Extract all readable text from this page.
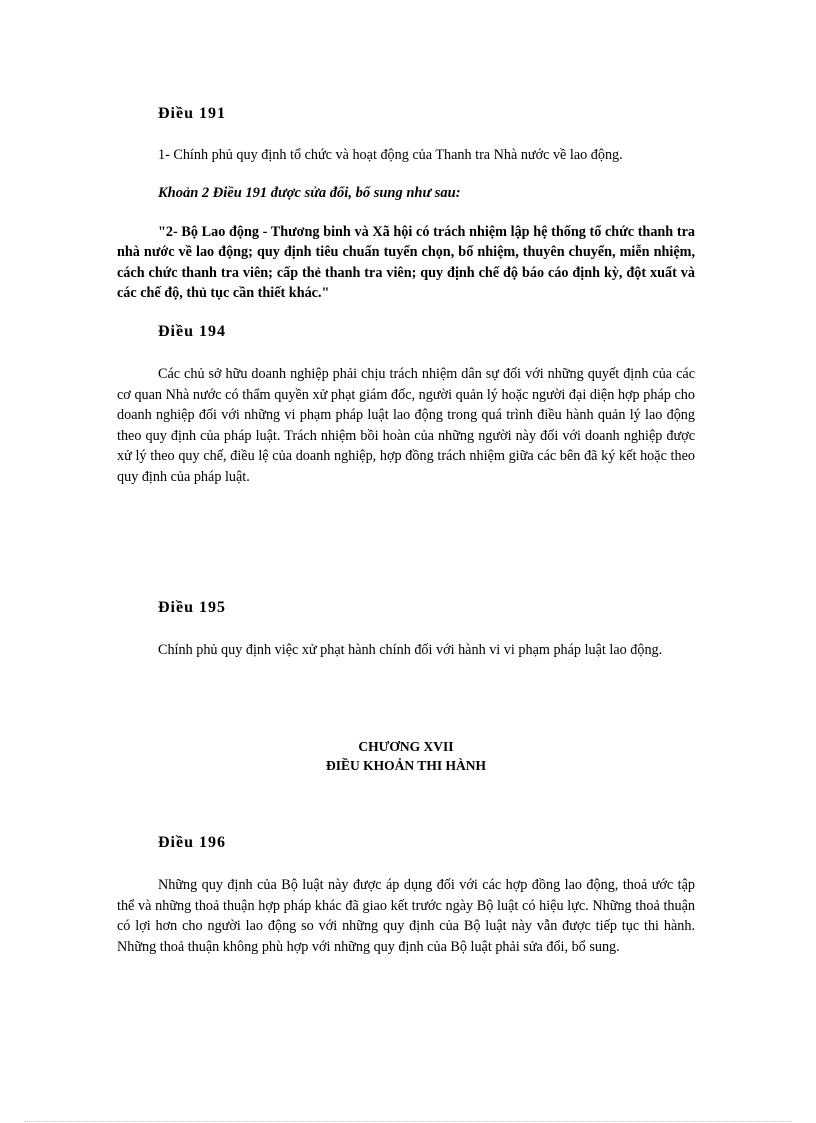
Điều 191

1- Chính phủ quy định tổ chức và hoạt động của Thanh tra Nhà nước về lao động.

Khoản 2 Điều 191 được sửa đổi, bổ sung như sau:

"2- Bộ Lao động - Thương binh và Xã hội có trách nhiệm lập hệ thống tổ chức thanh tra nhà nước về lao động; quy định tiêu chuẩn tuyển chọn, bổ nhiệm, thuyên chuyển, miễn nhiệm, cách chức thanh tra viên; cấp thẻ thanh tra viên; quy định chế độ báo cáo định kỳ, đột xuất và các chế độ, thủ tục cần thiết khác."

Điều 194

Các chủ sở hữu doanh nghiệp phải chịu trách nhiệm dân sự đối với những quyết định của các cơ quan Nhà nước có thẩm quyền xử phạt giám đốc, người quản lý hoặc người đại diện hợp pháp cho doanh nghiệp đối với những vi phạm pháp luật lao động trong quá trình điều hành quản lý lao động theo quy định của pháp luật. Trách nhiệm bồi hoàn của những người này đối với doanh nghiệp được xử lý theo quy chế, điều lệ của doanh nghiệp, hợp đồng trách nhiệm giữa các bên đã ký kết hoặc theo quy định của pháp luật.

Điều 195

Chính phủ quy định việc xử phạt hành chính đối với hành vi vi phạm pháp luật lao động.

CHƯƠNG XVII
ĐIỀU KHOẢN THI HÀNH
Điều 196

Những quy định của Bộ luật này được áp dụng đối với các hợp đồng lao động, thoả ước tập thể và những thoả thuận hợp pháp khác đã giao kết trước ngày Bộ luật có hiệu lực. Những thoả thuận có lợi hơn cho người lao động so với những quy định của Bộ luật này vẫn được tiếp tục thi hành. Những thoả thuận không phù hợp với những quy định của Bộ luật phải sửa đổi, bổ sung.
